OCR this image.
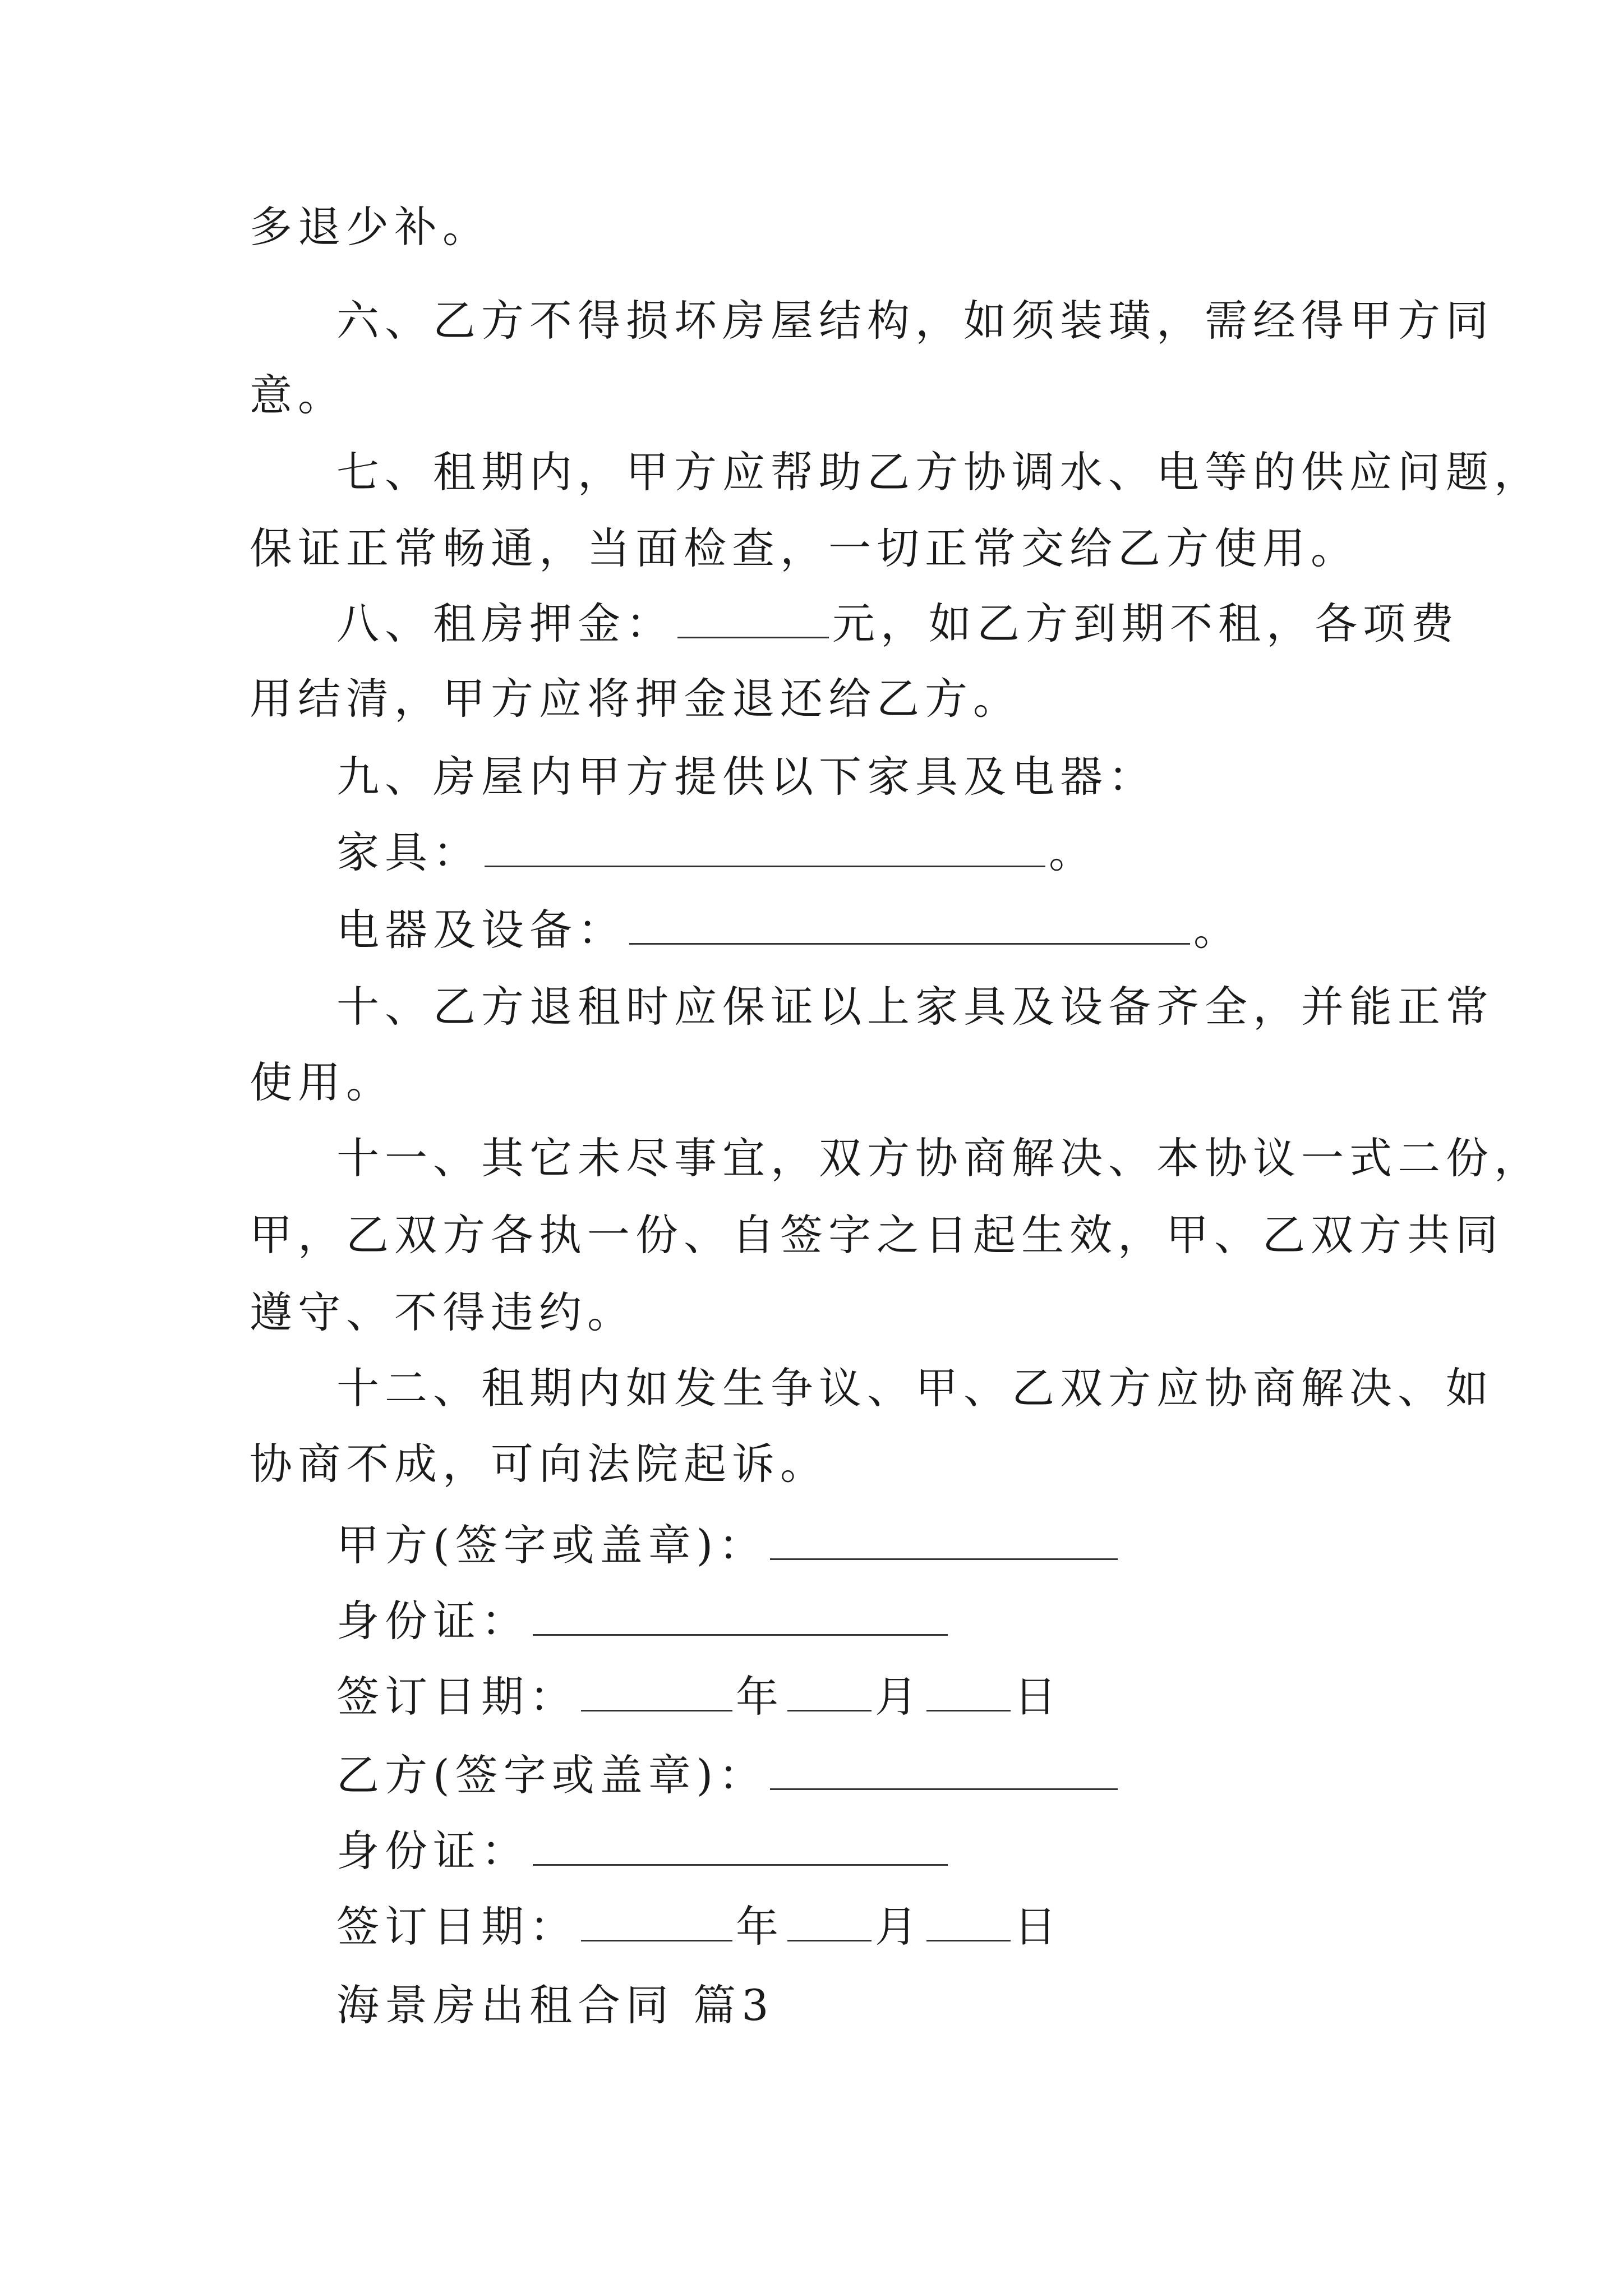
多退少补。
六、乙方不得损坏房屋结构，如须装璜，需经得甲方同
意。
七、租期内，甲方应帮助乙方协调水、电等的供应问题，
保证正常畅通，当面检查，一切正常交给乙方使用。
八、租房押金：	元，如乙方到期不租，各项费
用结清，甲方应将押金退还给乙方。
九、房屋内甲方提供以下家具及电器：
家具：	。
电器及设备：	。
十、乙方退租时应保证以上家具及设备齐全，并能正常
使用。
十一、其它未尽事宜，双方协商解决、本协议一式二份，
甲，乙双方各执一份、自签字之日起生效，甲、乙双方共同
遵守、不得违约。
十二、租期内如发生争议、甲、乙双方应协商解决、如
协商不成，可向法院起诉。
甲方(签字或盖章)：
身份证：
签订日期：	年 月 日
乙方(签字或盖章)：
身份证：
签订日期：	年 月 日
海景房出租合同 篇3
